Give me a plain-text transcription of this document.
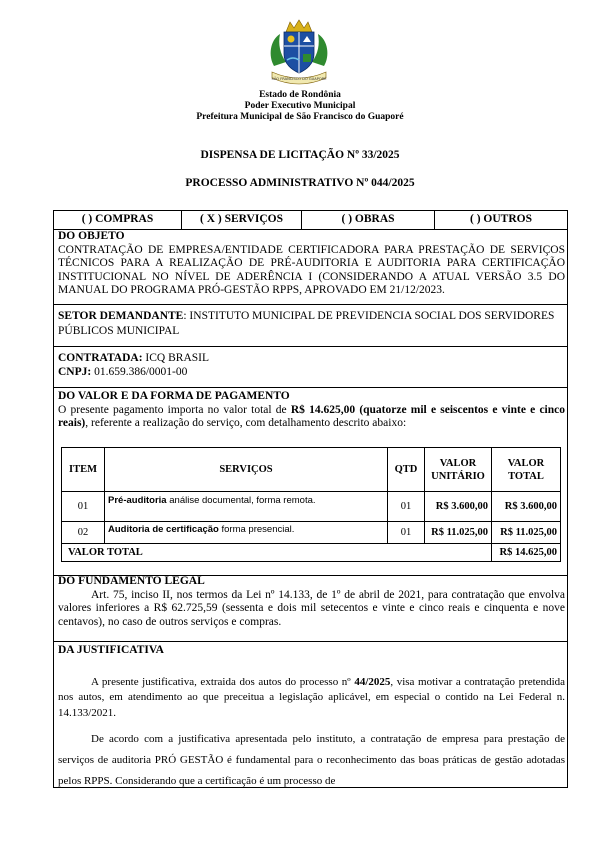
SÃO FRANCISCO DO GUAPORÉ
Estado de Rondônia
Poder Executivo Municipal
Prefeitura Municipal de São Francisco do Guaporé
DISPENSA DE LICITAÇÃO Nº 33/2025
PROCESSO ADMINISTRATIVO Nº 044/2025
( ) COMPRAS	( X ) SERVIÇOS	( ) OBRAS	( ) OUTROS
DO OBJETO
CONTRATAÇÃO DE EMPRESA/ENTIDADE CERTIFICADORA PARA PRESTAÇÃO DE SERVIÇOS TÉCNICOS PARA A REALIZAÇÃO DE PRÉ-AUDITORIA E AUDITORIA PARA CERTIFICAÇÃO INSTITUCIONAL NO NÍVEL DE ADERÊNCIA I (CONSIDERANDO A ATUAL VERSÃO 3.5 DO MANUAL DO PROGRAMA PRÓ-GESTÃO RPPS, APROVADO EM 21/12/2023.
SETOR DEMANDANTE: INSTITUTO MUNICIPAL DE PREVIDENCIA SOCIAL DOS SERVIDORES PÚBLICOS MUNICIPAL
CONTRATADA: ICQ BRASIL
CNPJ: 01.659.386/0001-00
DO VALOR E DA FORMA DE PAGAMENTO
O presente pagamento importa no valor total de R$ 14.625,00 (quatorze mil e seiscentos e vinte e cinco reais), referente a realização do serviço, com detalhamento descrito abaixo:
ITEM	SERVIÇOS	QTD	VALOR UNITÁRIO	VALOR TOTAL
01	Pré-auditoria análise documental, forma remota.	01	R$ 3.600,00	R$ 3.600,00
02	Auditoria de certificação forma presencial.	01	R$ 11.025,00	R$ 11.025,00
VALOR TOTAL				R$ 14.625,00
DO FUNDAMENTO LEGAL
Art. 75, inciso II, nos termos da Lei nº 14.133, de 1º de abril de 2021, para contratação que envolva valores inferiores a R$ 62.725,59 (sessenta e dois mil setecentos e vinte e cinco reais e cinquenta e nove centavos), no caso de outros serviços e compras.
DA JUSTIFICATIVA
A presente justificativa, extraida dos autos do processo nº 44/2025, visa motivar a contratação pretendida nos autos, em atendimento ao que preceitua a legislação aplicável, em especial o contido na Lei Federal n. 14.133/2021.
De acordo com a justificativa apresentada pelo instituto, a contratação de empresa para prestação de serviços de auditoria PRÓ GESTÃO é fundamental para o reconhecimento das boas práticas de gestão adotadas pelos RPPS. Considerando que a certificação é um processo de
